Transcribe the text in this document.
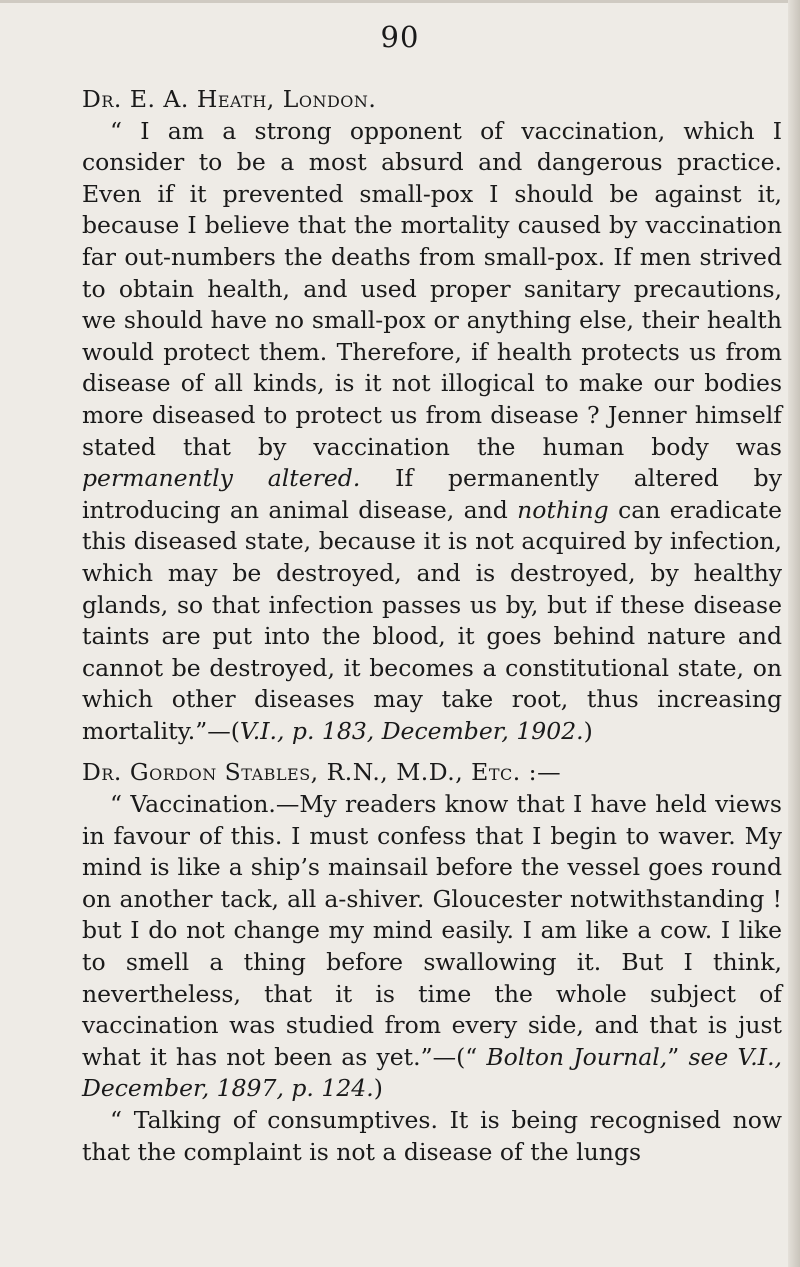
90

Dr. E. A. Heath, London.

“ I am a strong opponent of vaccination, which I consider to be a most absurd and dangerous practice. Even if it prevented small-pox I should be against it, because I believe that the mortality caused by vaccination far out-numbers the deaths from small-pox. If men strived to obtain health, and used proper sanitary precautions, we should have no small-pox or anything else, their health would protect them. Therefore, if health protects us from disease of all kinds, is it not illogical to make our bodies more diseased to protect us from disease ? Jenner himself stated that by vaccination the human body was permanently altered. If permanently altered by introducing an animal disease, and nothing can eradicate this diseased state, because it is not acquired by infection, which may be destroyed, and is destroyed, by healthy glands, so that infection passes us by, but if these disease taints are put into the blood, it goes behind nature and cannot be destroyed, it becomes a constitutional state, on which other diseases may take root, thus increasing mortality.”—(V.I., p. 183, December, 1902.)

Dr. Gordon Stables, R.N., M.D., Etc. :—

“ Vaccination.—My readers know that I have held views in favour of this. I must confess that I begin to waver. My mind is like a ship’s mainsail before the vessel goes round on another tack, all a-shiver. Gloucester notwithstanding ! but I do not change my mind easily. I am like a cow. I like to smell a thing before swallowing it. But I think, nevertheless, that it is time the whole subject of vaccination was studied from every side, and that is just what it has not been as yet.”—(“ Bolton Journal,” see V.I., December, 1897, p. 124.)

“ Talking of consumptives. It is being recognised now that the complaint is not a disease of the lungs
